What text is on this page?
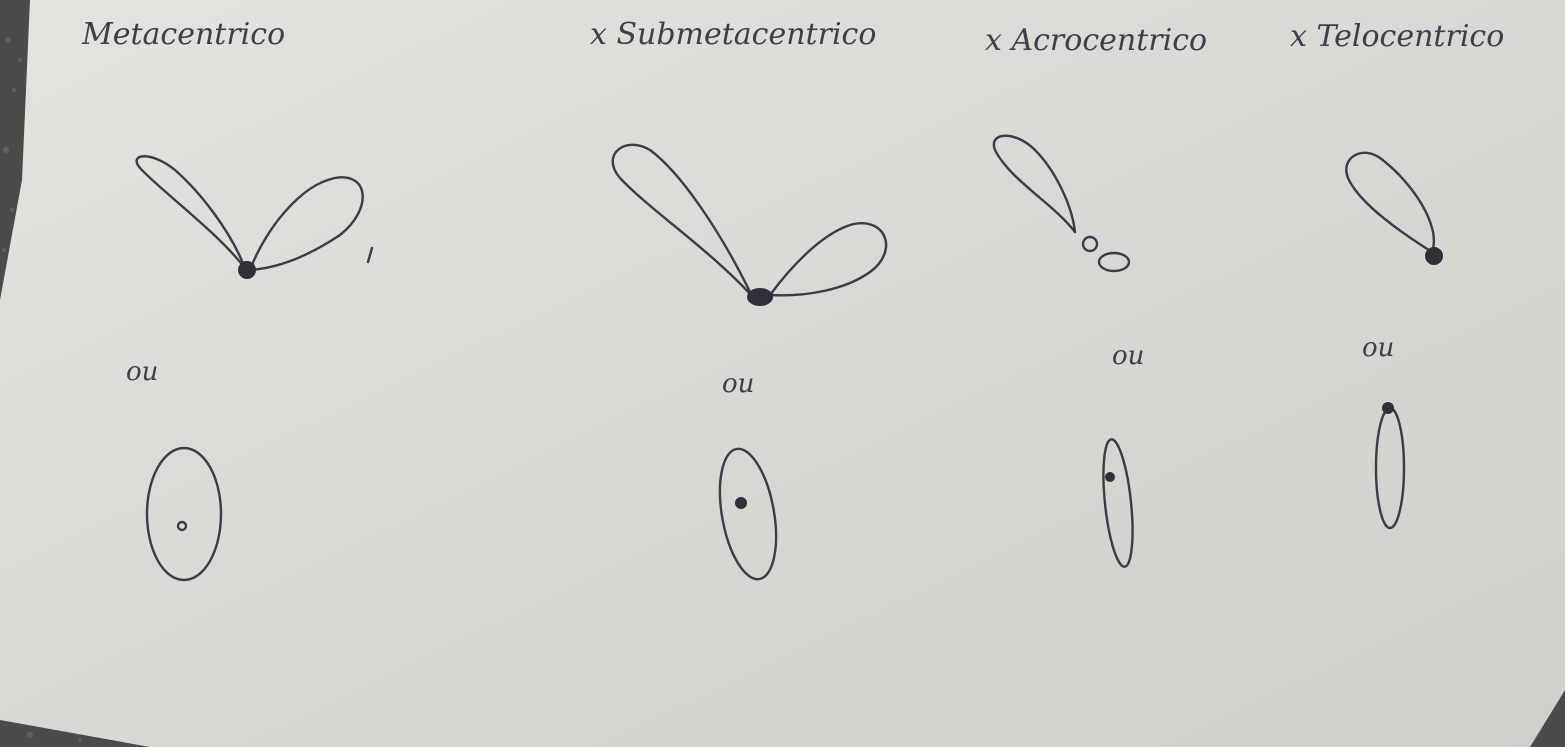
Metacentrico	x Submetacentrico	x Acrocentrico	x Telocentrico
ou	ou
ou	ou
